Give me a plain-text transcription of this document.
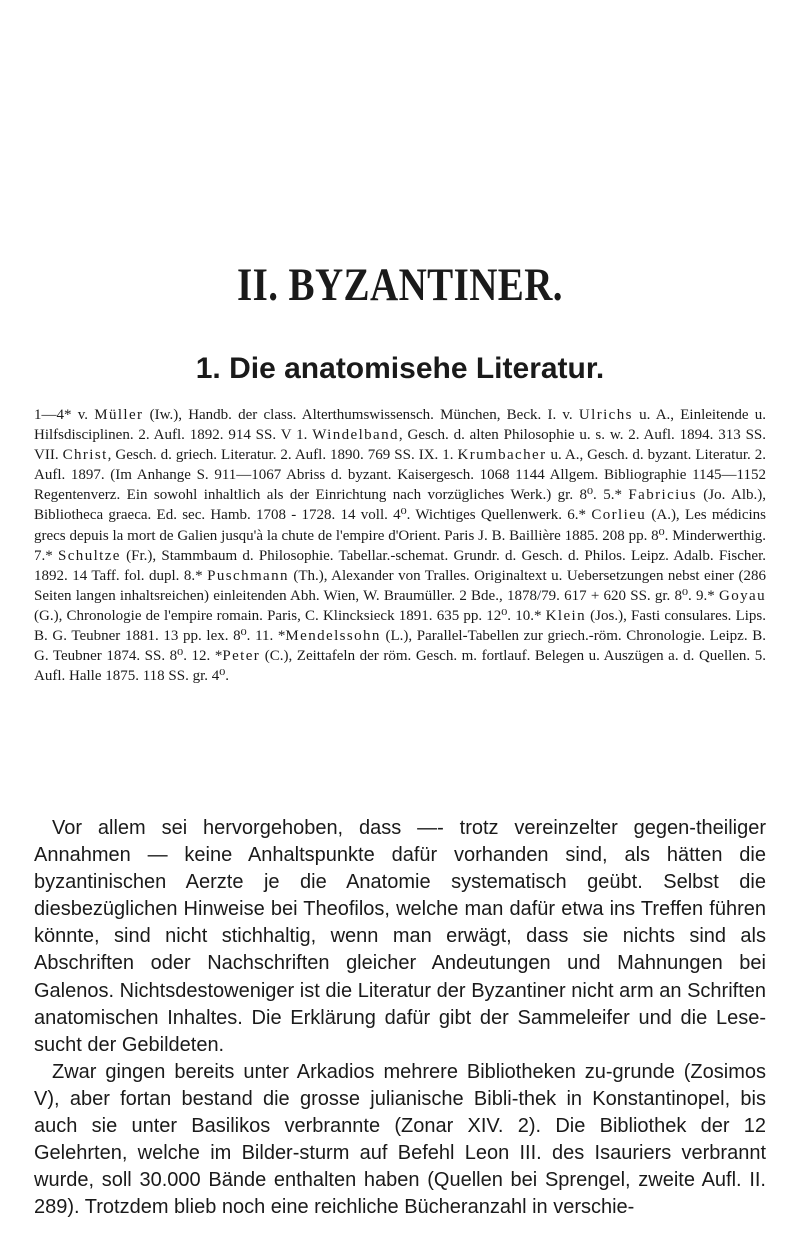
II. BYZANTINER.
1. Die anatomisehe Literatur.

1—4* v. Müller (Iw.), Handb. der class. Alterthumswissensch. München, Beck. I. v. Ulrichs u. A., Einleitende u. Hilfsdisciplinen. 2. Aufl. 1892. 914 SS. V 1. Windelband, Gesch. d. alten Philosophie u. s. w. 2. Aufl. 1894. 313 SS. VII. Christ, Gesch. d. griech. Literatur. 2. Aufl. 1890. 769 SS. IX. 1. Krumbacher u. A., Gesch. d. byzant. Literatur. 2. Aufl. 1897. (Im Anhange S. 911—1067 Abriss d. byzant. Kaisergesch. 1068 1144 Allgem. Bibliographie 1145—1152 Regentenverz. Ein sowohl inhaltlich als der Einrichtung nach vorzügliches Werk.) gr. 8⁰. 5.* Fabricius (Jo. Alb.), Bibliotheca graeca. Ed. sec. Hamb. 1708 - 1728. 14 voll. 4⁰. Wichtiges Quellenwerk. 6.* Corlieu (A.), Les médicins grecs depuis la mort de Galien jusqu'à la chute de l'empire d'Orient. Paris J. B. Baillière 1885. 208 pp. 8⁰. Minderwerthig. 7.* Schultze (Fr.), Stammbaum d. Philosophie. Tabellar.-schemat. Grundr. d. Gesch. d. Philos. Leipz. Adalb. Fischer. 1892. 14 Taff. fol. dupl. 8.* Puschmann (Th.), Alexander von Tralles. Originaltext u. Uebersetzungen nebst einer (286 Seiten langen inhaltsreichen) einleitenden Abh. Wien, W. Braumüller. 2 Bde., 1878/79. 617 + 620 SS. gr. 8⁰. 9.* Goyau (G.), Chronologie de l'empire romain. Paris, C. Klincksieck 1891. 635 pp. 12⁰. 10.* Klein (Jos.), Fasti consulares. Lips. B. G. Teubner 1881. 13 pp. lex. 8⁰. 11. *Mendelssohn (L.), Parallel-Tabellen zur griech.-röm. Chronologie. Leipz. B. G. Teubner 1874. SS. 8⁰. 12. *Peter (C.), Zeittafeln der röm. Gesch. m. fortlauf. Belegen u. Auszügen a. d. Quellen. 5. Aufl. Halle 1875. 118 SS. gr. 4⁰.

Vor allem sei hervorgehoben, dass —- trotz vereinzelter gegen-theiliger Annahmen — keine Anhaltspunkte dafür vorhanden sind, als hätten die byzantinischen Aerzte je die Anatomie systematisch geübt. Selbst die diesbezüglichen Hinweise bei Theofilos, welche man dafür etwa ins Treffen führen könnte, sind nicht stichhaltig, wenn man erwägt, dass sie nichts sind als Abschriften oder Nachschriften gleicher Andeutungen und Mahnungen bei Galenos. Nichtsdestoweniger ist die Literatur der Byzantiner nicht arm an Schriften anatomischen Inhaltes. Die Erklärung dafür gibt der Sammeleifer und die Lese-sucht der Gebildeten.

Zwar gingen bereits unter Arkadios mehrere Bibliotheken zu-grunde (Zosimos V), aber fortan bestand die grosse julianische Bibli-thek in Konstantinopel, bis auch sie unter Basilikos verbrannte (Zonar XIV. 2). Die Bibliothek der 12 Gelehrten, welche im Bilder-sturm auf Befehl Leon III. des Isauriers verbrannt wurde, soll 30.000 Bände enthalten haben (Quellen bei Sprengel, zweite Aufl. II. 289). Trotzdem blieb noch eine reichliche Bücheranzahl in verschie-
